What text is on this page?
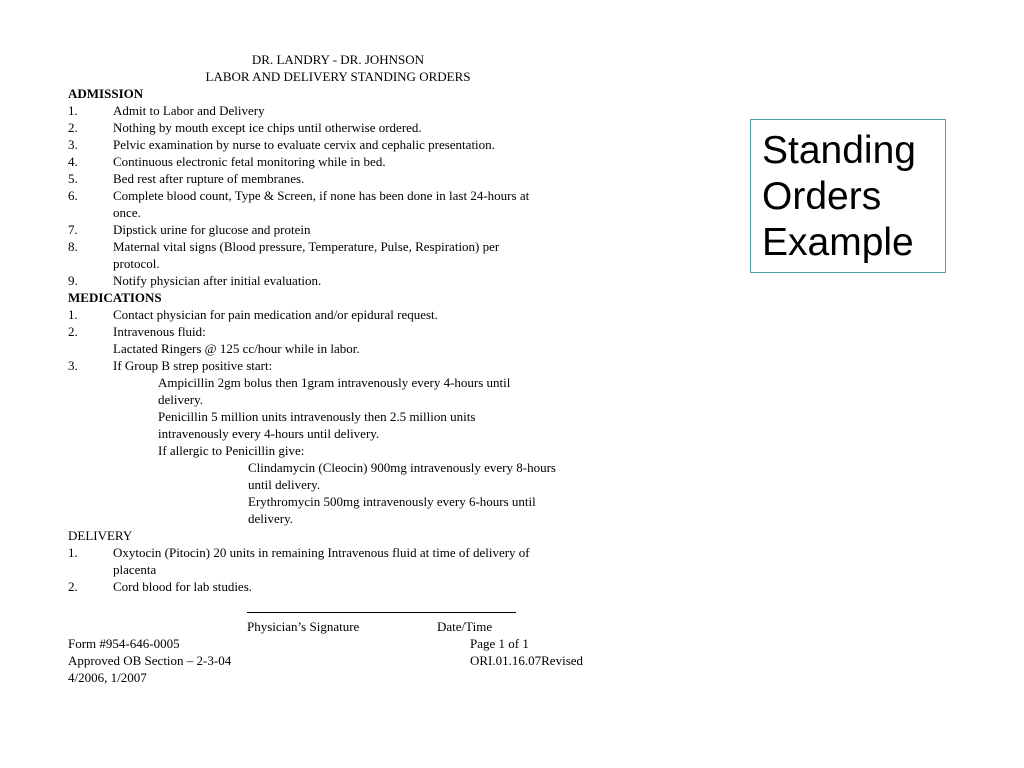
DR. LANDRY - DR. JOHNSON
LABOR AND DELIVERY STANDING ORDERS
ADMISSION
1.	Admit to Labor and Delivery
2.	Nothing by mouth except ice chips until otherwise ordered.
3.	Pelvic examination by nurse to evaluate cervix and cephalic presentation.
4.	Continuous electronic fetal monitoring while in bed.
5.	Bed rest after rupture of membranes.
6.	Complete blood count, Type & Screen, if none has been done in last 24-hours at
once.
7.	Dipstick urine for glucose and protein
8.	Maternal vital signs (Blood pressure, Temperature, Pulse, Respiration) per
protocol.
9.	Notify physician after initial evaluation.
MEDICATIONS
1.	Contact physician for pain medication and/or epidural request.
2.	Intravenous fluid:
Lactated Ringers @ 125 cc/hour while in labor.
3.	If Group B strep positive start:
Ampicillin 2gm bolus then 1gram intravenously every 4-hours until
delivery.
Penicillin 5 million units intravenously then 2.5 million units
intravenously every 4-hours until delivery.
If allergic to Penicillin give:
Clindamycin (Cleocin) 900mg intravenously every 8-hours
until delivery.
Erythromycin 500mg intravenously every 6-hours until
delivery.
DELIVERY
1.	Oxytocin (Pitocin) 20 units in remaining Intravenous fluid at time of delivery of
placenta
2.	Cord blood for lab studies.
Physician’s Signature	Date/Time
Form #954-646-0005	Page 1 of 1
Approved OB Section – 2-3-04	ORI.01.16.07Revised
4/2006, 1/2007
Standing
Orders
Example
